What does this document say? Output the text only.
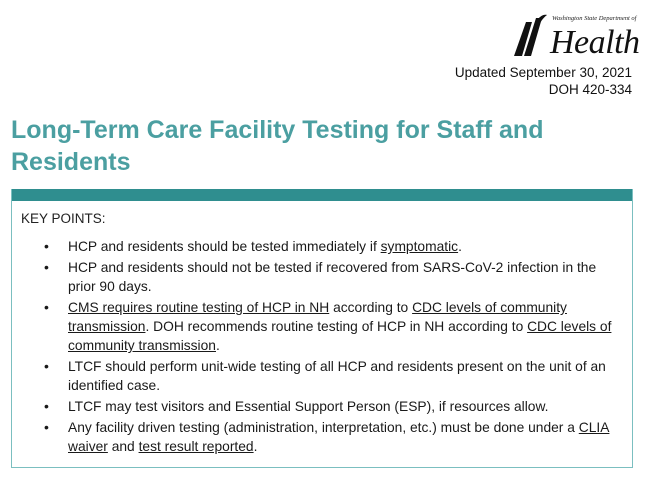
Washington State Department of
Health
Updated September 30, 2021
DOH 420-334
Long-Term Care Facility Testing for Staff and
Residents
KEY POINTS:
• HCP and residents should be tested immediately if symptomatic.
• HCP and residents should not be tested if recovered from SARS-CoV-2 infection in the prior 90 days.
• CMS requires routine testing of HCP in NH according to CDC levels of community transmission. DOH recommends routine testing of HCP in NH according to CDC levels of community transmission.
• LTCF should perform unit-wide testing of all HCP and residents present on the unit of an identified case.
• LTCF may test visitors and Essential Support Person (ESP), if resources allow.
• Any facility driven testing (administration, interpretation, etc.) must be done under a CLIA waiver and test result reported.
